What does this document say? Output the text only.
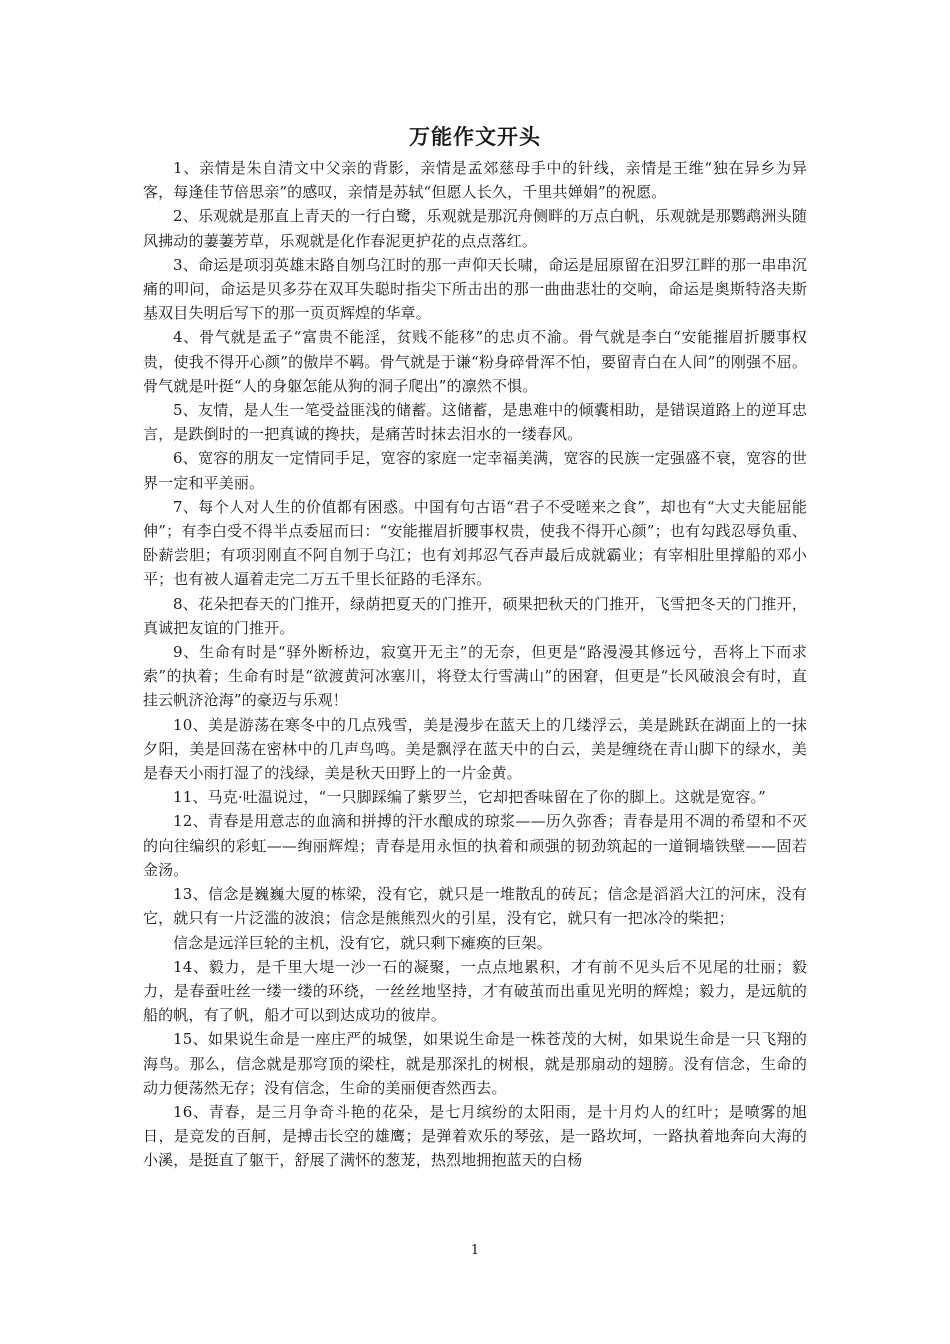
万能作文开头

1、亲情是朱自清文中父亲的背影，亲情是孟郊慈母手中的针线，亲情是王维“独在异乡为异客，每逢佳节倍思亲”的感叹，亲情是苏轼“但愿人长久，千里共婵娟”的祝愿。

2、乐观就是那直上青天的一行白鹭，乐观就是那沉舟侧畔的万点白帆，乐观就是那鹦鹉洲头随风拂动的萋萋芳草，乐观就是化作春泥更护花的点点落红。

3、命运是项羽英雄末路自刎乌江时的那一声仰天长啸，命运是屈原留在汨罗江畔的那一串串沉痛的叩问，命运是贝多芬在双耳失聪时指尖下所击出的那一曲曲悲壮的交响，命运是奥斯特洛夫斯基双目失明后写下的那一页页辉煌的华章。

4、骨气就是孟子“富贵不能淫，贫贱不能移”的忠贞不渝。骨气就是李白“安能摧眉折腰事权贵，使我不得开心颜”的傲岸不羁。骨气就是于谦“粉身碎骨浑不怕，要留青白在人间”的刚强不屈。骨气就是叶挺“人的身躯怎能从狗的洞子爬出”的凛然不惧。

5、友情，是人生一笔受益匪浅的储蓄。这储蓄，是患难中的倾囊相助，是错误道路上的逆耳忠言，是跌倒时的一把真诚的搀扶，是痛苦时抹去泪水的一缕春风。

6、宽容的朋友一定情同手足，宽容的家庭一定幸福美满，宽容的民族一定强盛不衰，宽容的世界一定和平美丽。

7、每个人对人生的价值都有困惑。中国有句古语“君子不受嗟来之食”，却也有“大丈夫能屈能伸”；有李白受不得半点委屈而曰：“安能摧眉折腰事权贵，使我不得开心颜”；也有勾践忍辱负重、卧薪尝胆；有项羽刚直不阿自刎于乌江；也有刘邦忍气吞声最后成就霸业；有宰相肚里撑船的邓小平；也有被人逼着走完二万五千里长征路的毛泽东。

8、花朵把春天的门推开，绿荫把夏天的门推开，硕果把秋天的门推开，飞雪把冬天的门推开，真诚把友谊的门推开。

9、生命有时是“驿外断桥边，寂寞开无主”的无奈，但更是“路漫漫其修远兮，吾将上下而求索”的执着；生命有时是“欲渡黄河冰塞川，将登太行雪满山”的困窘，但更是“长风破浪会有时，直挂云帆济沧海”的豪迈与乐观！

10、美是游荡在寒冬中的几点残雪，美是漫步在蓝天上的几缕浮云，美是跳跃在湖面上的一抹夕阳，美是回荡在密林中的几声鸟鸣。美是飘浮在蓝天中的白云，美是缠绕在青山脚下的绿水，美是春天小雨打湿了的浅绿，美是秋天田野上的一片金黄。

11、马克·吐温说过，“一只脚踩编了紫罗兰，它却把香味留在了你的脚上。这就是宽容。”

12、青春是用意志的血滴和拼搏的汗水酿成的琼浆——历久弥香；青春是用不凋的希望和不灭的向往编织的彩虹——绚丽辉煌；青春是用永恒的执着和顽强的韧劲筑起的一道铜墙铁壁——固若金汤。

13、信念是巍巍大厦的栋梁，没有它，就只是一堆散乱的砖瓦；信念是滔滔大江的河床，没有它，就只有一片泛滥的波浪；信念是熊熊烈火的引星，没有它，就只有一把冰冷的柴把；

信念是远洋巨轮的主机，没有它，就只剩下瘫痪的巨架。

14、毅力，是千里大堤一沙一石的凝聚，一点点地累积，才有前不见头后不见尾的壮丽；毅力，是春蚕吐丝一缕一缕的环绕，一丝丝地坚持，才有破茧而出重见光明的辉煌；毅力，是远航的船的帆，有了帆，船才可以到达成功的彼岸。

15、如果说生命是一座庄严的城堡，如果说生命是一株苍茂的大树，如果说生命是一只飞翔的海鸟。那么，信念就是那穹顶的梁柱，就是那深扎的树根，就是那扇动的翅膀。没有信念，生命的动力便荡然无存；没有信念，生命的美丽便杳然西去。

16、青春，是三月争奇斗艳的花朵，是七月缤纷的太阳雨，是十月灼人的红叶；是喷雾的旭日，是竞发的百舸，是搏击长空的雄鹰；是弹着欢乐的琴弦，是一路坎坷，一路执着地奔向大海的小溪，是挺直了躯干，舒展了满怀的葱茏，热烈地拥抱蓝天的白杨

1
